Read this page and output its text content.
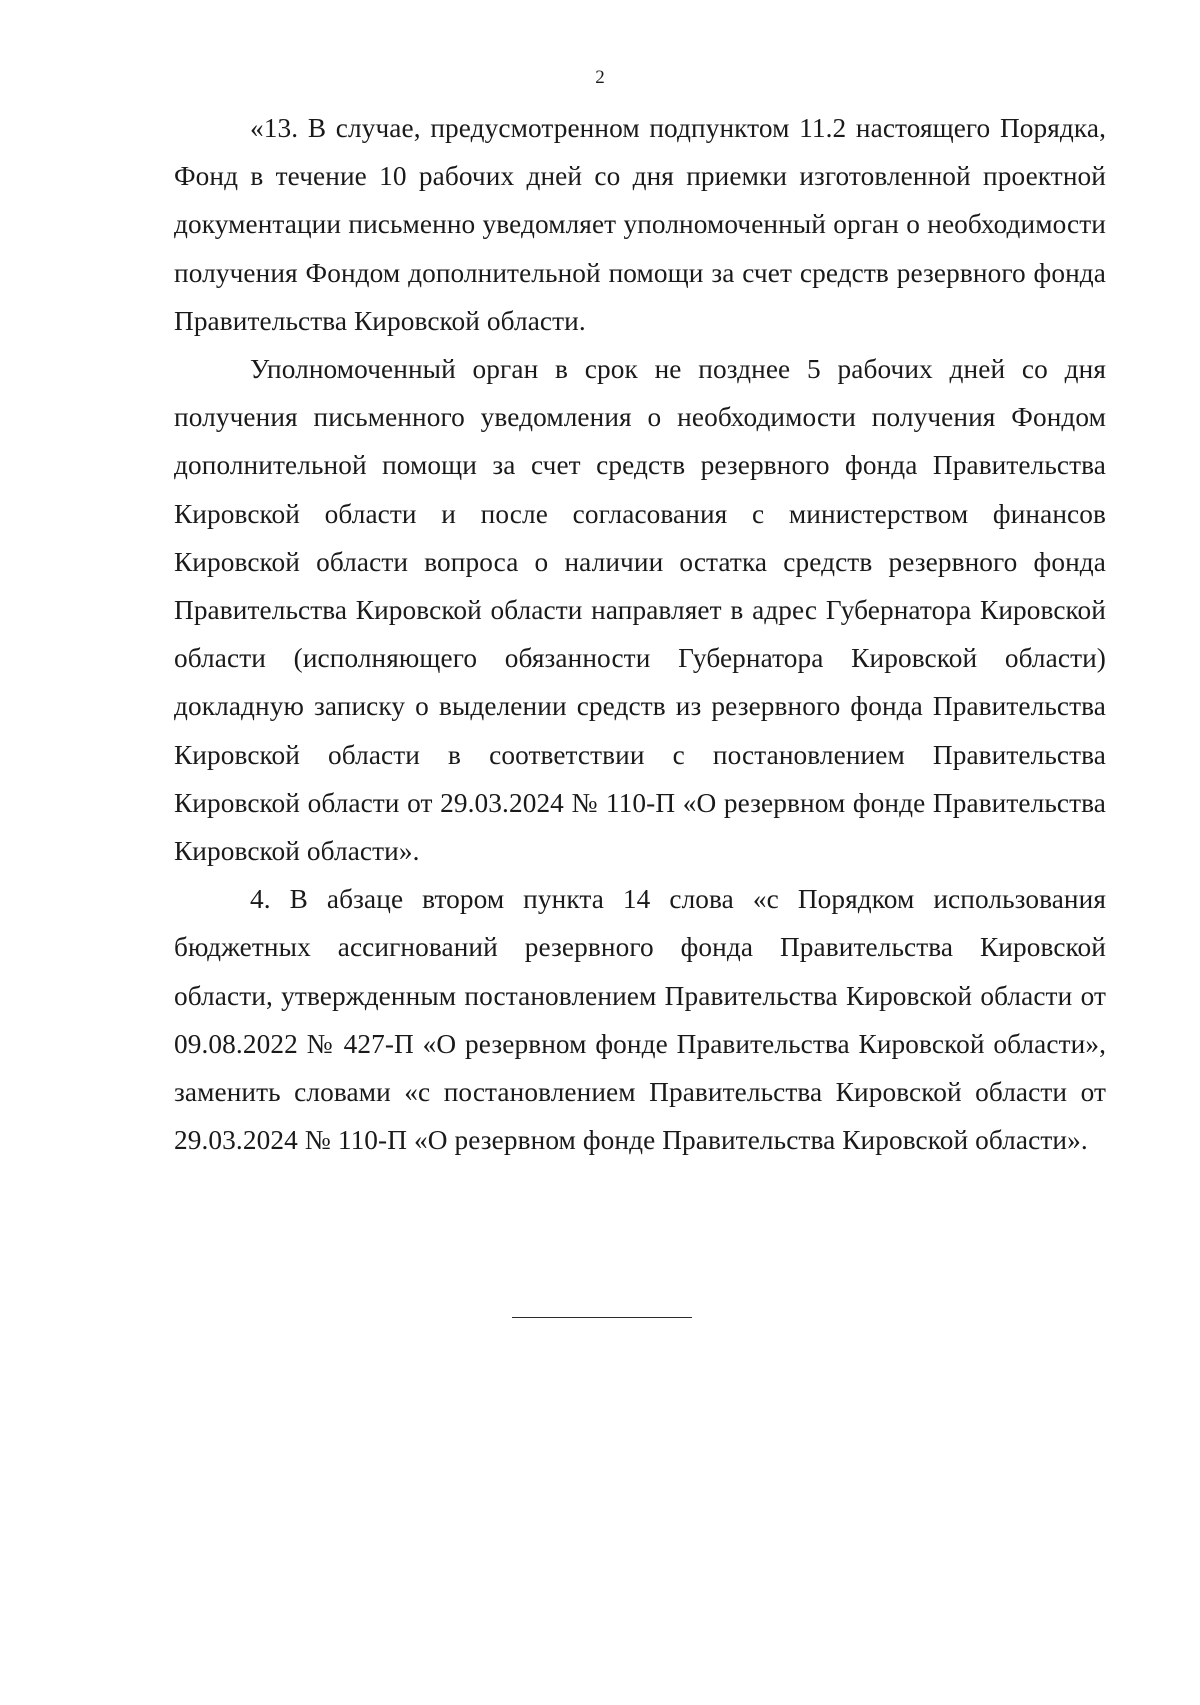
2

«13. В случае, предусмотренном подпунктом 11.2 настоящего Порядка, Фонд в течение 10 рабочих дней со дня приемки изготовленной проектной документации письменно уведомляет уполномоченный орган о необходимости получения Фондом дополнительной помощи за счет средств резервного фонда Правительства Кировской области.

Уполномоченный орган в срок не позднее 5 рабочих дней со дня получения письменного уведомления о необходимости получения Фондом дополнительной помощи за счет средств резервного фонда Правительства Кировской области и после согласования с министерством финансов Кировской области вопроса о наличии остатка средств резервного фонда Правительства Кировской области направляет в адрес Губернатора Кировской области (исполняющего обязанности Губернатора Кировской области) докладную записку о выделении средств из резервного фонда Правительства Кировской области в соответствии с постановлением Правительства Кировской области от 29.03.2024 № 110-П «О резервном фонде Правительства Кировской области».

4. В абзаце втором пункта 14 слова «с Порядком использования бюджетных ассигнований резервного фонда Правительства Кировской области, утвержденным постановлением Правительства Кировской области от 09.08.2022 № 427-П «О резервном фонде Правительства Кировской области», заменить словами «с постановлением Правительства Кировской области от 29.03.2024 № 110-П «О резервном фонде Правительства Кировской области».
